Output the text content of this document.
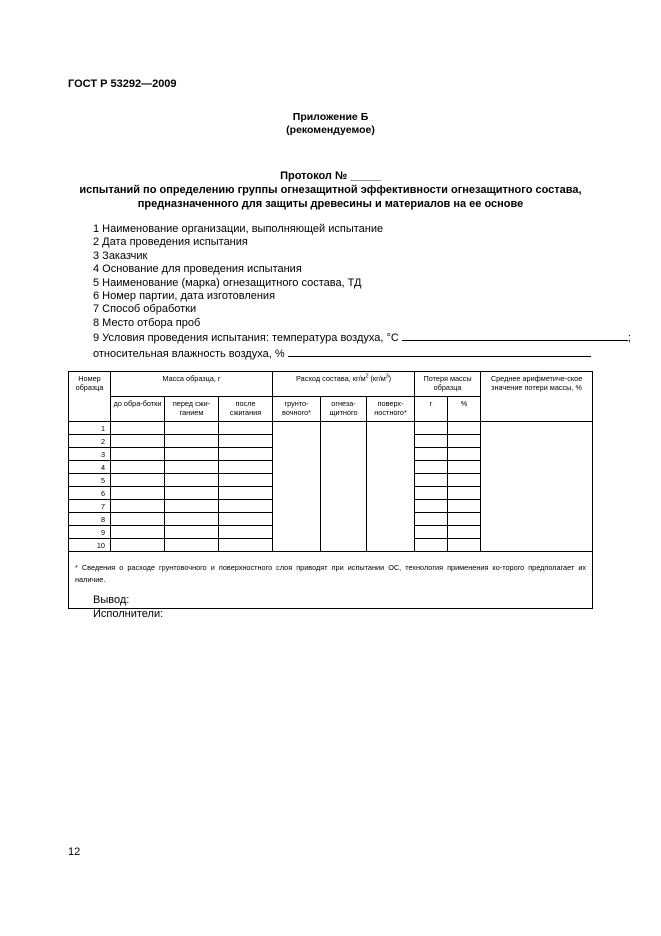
ГОСТ Р 53292—2009
Приложение Б
(рекомендуемое)
Протокол № _____
испытаний по определению группы огнезащитной эффективности огнезащитного состава,
предназначенного для защиты древесины и материалов на ее основе
1 Наименование организации, выполняющей испытание
2 Дата проведения испытания
3 Заказчик
4 Основание для проведения испытания
5 Наименование (марка) огнезащитного состава, ТД
6 Номер партии, дата изготовления
7 Способ обработки
8 Место отбора проб
9 Условия проведения испытания: температура воздуха, °С	;
относительная влажность воздуха, %
Номер образца	Масса образца, г			Расход состава, $кг/м^2$ $(кг/м^3)$			Потеря массы образца		Среднее арифметиче-ское значение потери массы, %
	до обра-ботки	перед сжи-ганием	после сжигания	грунто-вочного*	огнеза-щитного	поверх-ностного*	г	%	
1									
2									
3									
4									
5									
6									
7									
8									
9									
10									
* Сведения о расходе грунтовочного и поверхностного слоя приводят при испытании ОС, технология применения ко-торого предполагает их наличие.									
Вывод:
Исполнители:
12
